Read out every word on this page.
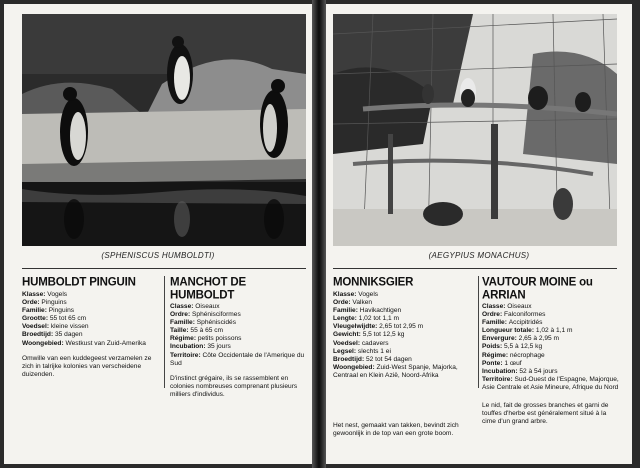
(SPHENISCUS HUMBOLDTI)
HUMBOLDT PINGUIN
Klasse: Vogels
Orde: Pinguins
Familie: Pinguins
Grootte: 55 tot 65 cm
Voedsel: kleine vissen
Broedtijd: 35 dagen
Woongebied: Westkust van Zuid-Amerika

Omwille van een kuddegeest verzamelen ze zich in talrijke kolonies van verscheidene duizenden.

MANCHOT DE HUMBOLDT
Classe: Oiseaux
Ordre: Sphénisciformes
Famille: Sphéniscidés
Taille: 55 à 65 cm
Régime: petits poissons
Incubation: 35 jours
Territoire: Côte Occidentale de l'Amerique du Sud

D'instinct grégaire, ils se rassemblent en colonies nombreuses comprenant plusieurs milliers d'individus.

(AEGYPIUS MONACHUS)
MONNIKSGIER
Klasse: Vogels
Orde: Valken
Familie: Havikachtigen
Lengte: 1,02 tot 1,1 m
Vleugelwijdte: 2,65 tot 2,95 m
Gewicht: 5,5 tot 12,5 kg
Voedsel: cadavers
Legsel: slechts 1 ei
Broedtijd: 52 tot 54 dagen
Woongebied: Zuid-West Spanje, Majorka, Centraal en Klein Azië, Noord-Afrika

Het nest, gemaakt van takken, bevindt zich gewoonlijk in de top van een grote boom.

VAUTOUR MOINE ou ARRIAN
Classe: Oiseaux
Ordre: Falconiformes
Famille: Accipitridés
Longueur totale: 1,02 à 1,1 m
Envergure: 2,65 à 2,95 m
Poids: 5,5 à 12,5 kg
Régime: nécrophage
Ponte: 1 œuf
Incubation: 52 à 54 jours
Territoire: Sud-Ouest de l'Espagne, Majorque, Asie Centrale et Asie Mineure, Afrique du Nord

Le nid, fait de grosses branches et garni de touffes d'herbe est généralement situé à la cime d'un grand arbre.
